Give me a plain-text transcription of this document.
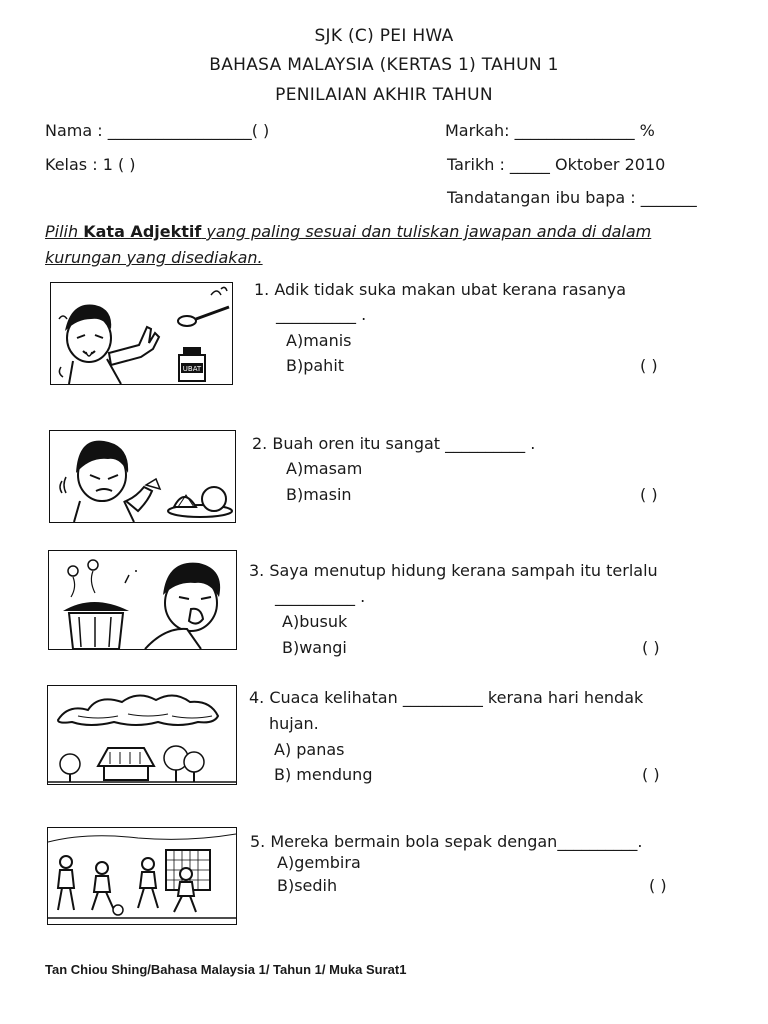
SJK (C) PEI HWA
BAHASA MALAYSIA (KERTAS 1) TAHUN 1
PENILAIAN AKHIR TAHUN
Nama : __________________( )	Markah: _______________ %
Kelas : 1 ( )	Tarikh : _____ Oktober 2010
Tandatangan ibu bapa : _______
Pilih Kata Adjektif yang paling sesuai dan tuliskan jawapan anda di dalam kurungan yang disediakan.
UBAT
1. Adik tidak suka makan ubat kerana rasanya
__________ .
A)manis
B)pahit	( )
2. Buah oren itu sangat __________ .
A)masam
B)masin	( )
3. Saya menutup hidung kerana sampah itu terlalu
__________ .
A)busuk
B)wangi	( )
4. Cuaca kelihatan __________ kerana hari hendak
hujan.
A) panas
B) mendung	( )
5. Mereka bermain bola sepak dengan__________.
A)gembira
B)sedih	( )
Tan Chiou Shing/Bahasa Malaysia 1/ Tahun 1/ Muka Surat1
